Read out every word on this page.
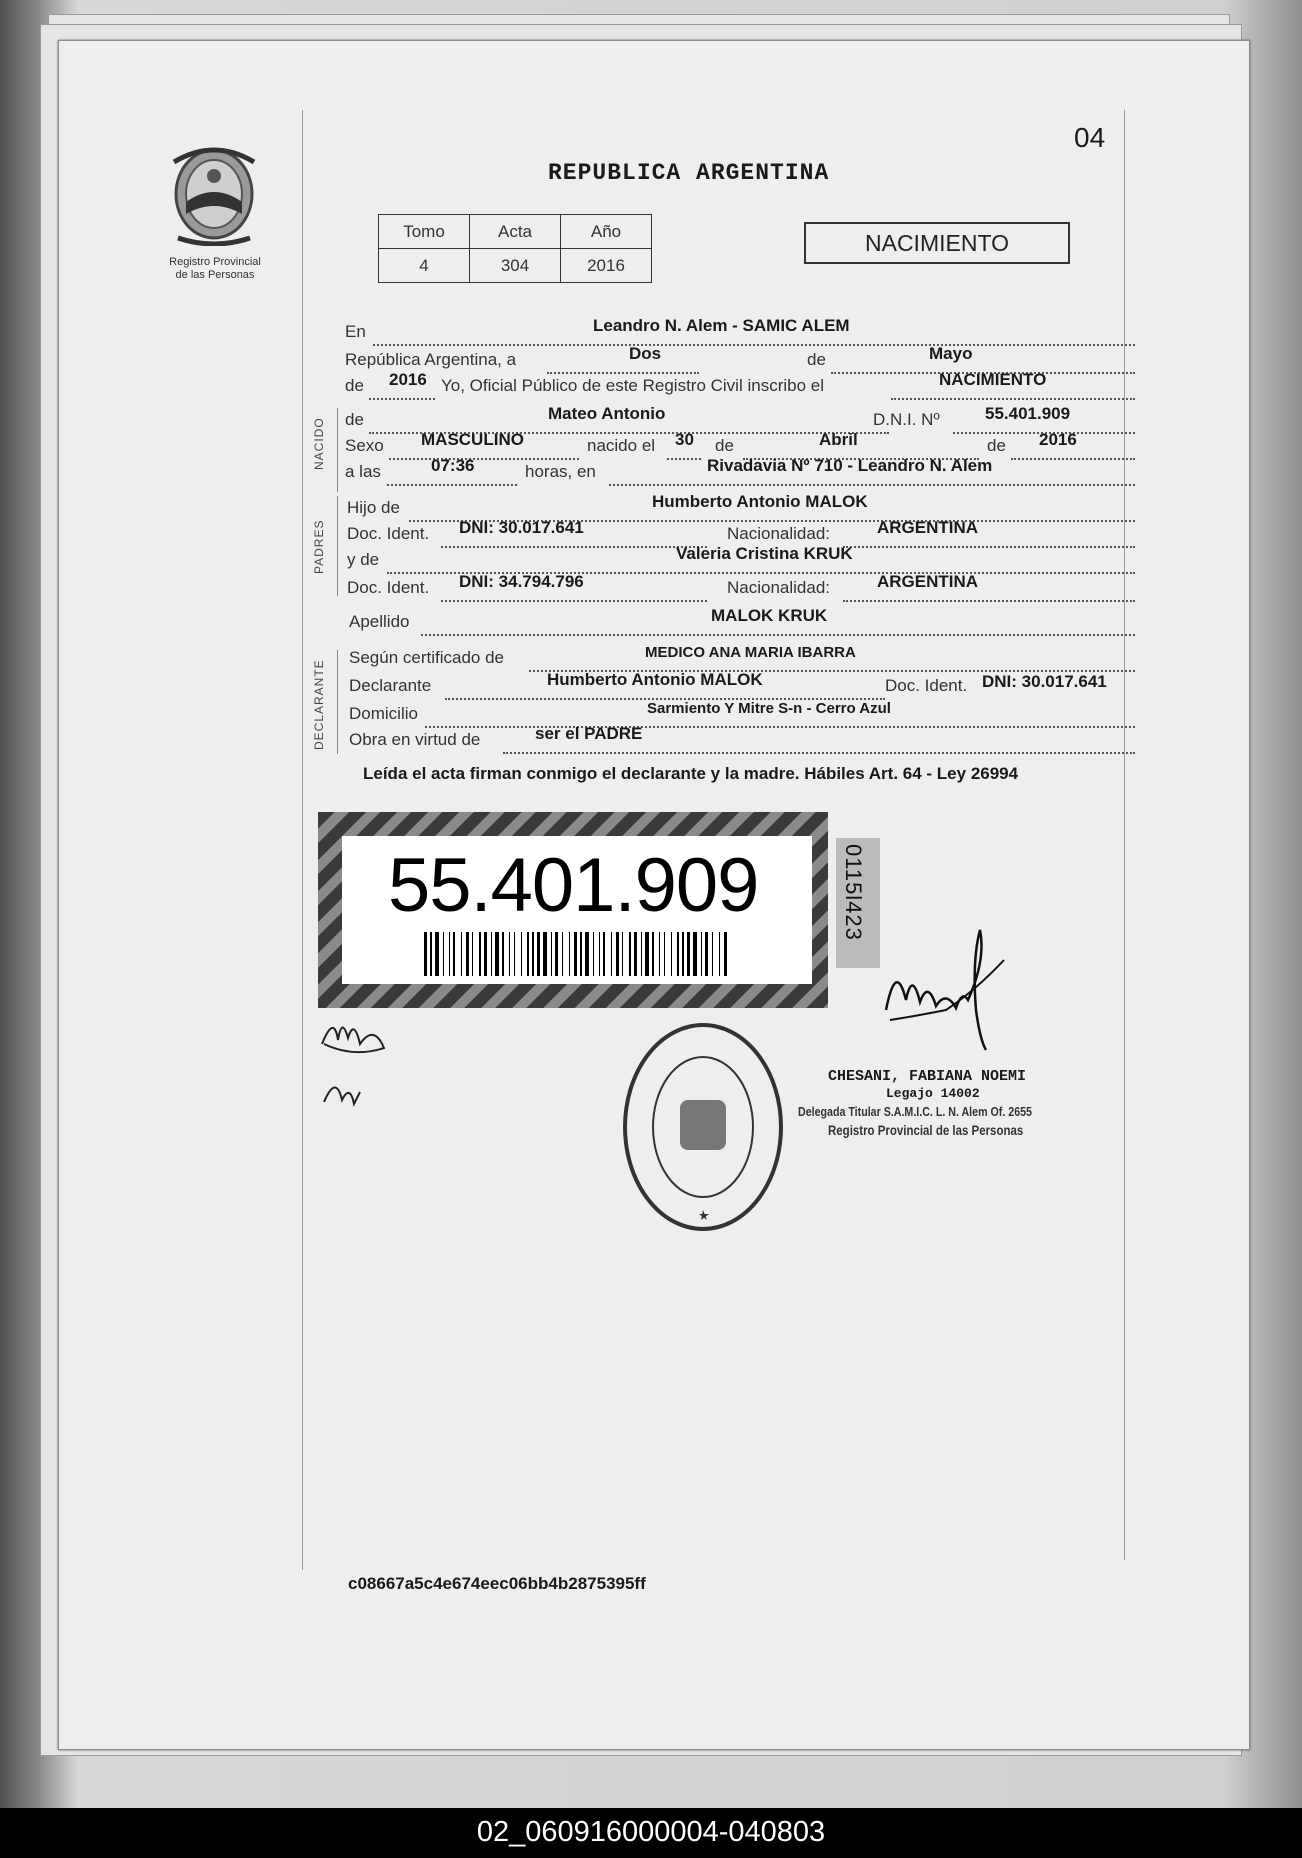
04
Registro Provincial
de las Personas
REPUBLICA ARGENTINA
Tomo	Acta	Año
4	304	2016
NACIMIENTO
En	Leandro N. Alem - SAMIC ALEM
República Argentina, a	Dos	de	Mayo
de 2016 Yo, Oficial Público de este Registro Civil inscribo el	NACIMIENTO
NACIDO de	Mateo Antonio	D.N.I. Nº	55.401.909
Sexo MASCULINO	nacido el 30 de	Abril	de 2016
a las	07:36	horas, en	Rivadavia Nº 710 - Leandro N. Alem
PADRES
Hijo de	Humberto Antonio MALOK
Doc. Ident. DNI: 30.017.641	Nacionalidad:	ARGENTINA
y de	Valeria Cristina KRUK
Doc. Ident. DNI: 34.794.796	Nacionalidad:	ARGENTINA
Apellido	MALOK KRUK
DECLARANTE
Según certificado de	MEDICO ANA MARIA IBARRA
Declarante	Humberto Antonio MALOK	Doc. Ident. DNI: 30.017.641
Domicilio	Sarmiento Y Mitre S-n - Cerro Azul
Obra en virtud de	ser el PADRE
Leída el acta firman conmigo el declarante y la madre. Hábiles Art. 64 - Ley 26994
55.401.909	0115l423
CHESANI, FABIANA NOEMI
Legajo 14002
Delegada Titular S.A.M.I.C. L. N. Alem Of. 2655
Registro Provincial de las Personas
c08667a5c4e674eec06bb4b2875395ff
02_060916000004-040803
